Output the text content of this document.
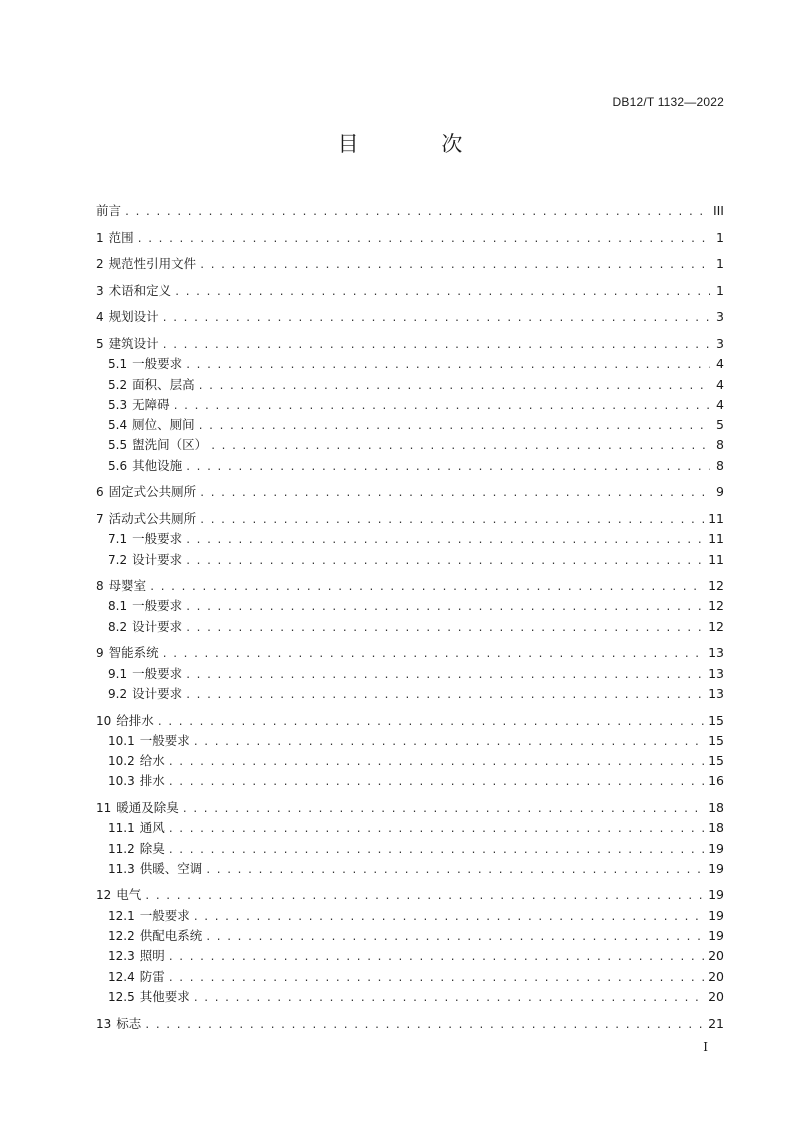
DB12/T 1132—2022
目 次
前言 . . .	III
1 范围 . . .	1
2 规范性引用文件 . . .	1
3 术语和定义 . . .	1
4 规划设计 . . .	3
5 建筑设计 . . .	3
5.1 一般要求 . . .	4
5.2 面积、层高 . . .	4
5.3 无障碍 . . .	4
5.4 厕位、厕间 . . .	5
5.5 盥洗间（区） . . .	8
5.6 其他设施 . . .	8
6 固定式公共厕所 . . .	9
7 活动式公共厕所 . . .	11
7.1 一般要求 . . .	11
7.2 设计要求 . . .	11
8 母婴室 . . .	12
8.1 一般要求 . . .	12
8.2 设计要求 . . .	12
9 智能系统 . . .	13
9.1 一般要求 . . .	13
9.2 设计要求 . . .	13
10 给排水 . . .	15
10.1 一般要求 . . .	15
10.2 给水 . . .	15
10.3 排水 . . .	16
11 暖通及除臭 . . .	18
11.1 通风 . . .	18
11.2 除臭 . . .	19
11.3 供暖、空调 . . .	19
12 电气 . . .	19
12.1 一般要求 . . .	19
12.2 供配电系统 . . .	19
12.3 照明 . . .	20
12.4 防雷 . . .	20
12.5 其他要求 . . .	20
13 标志 . . .	21
I
